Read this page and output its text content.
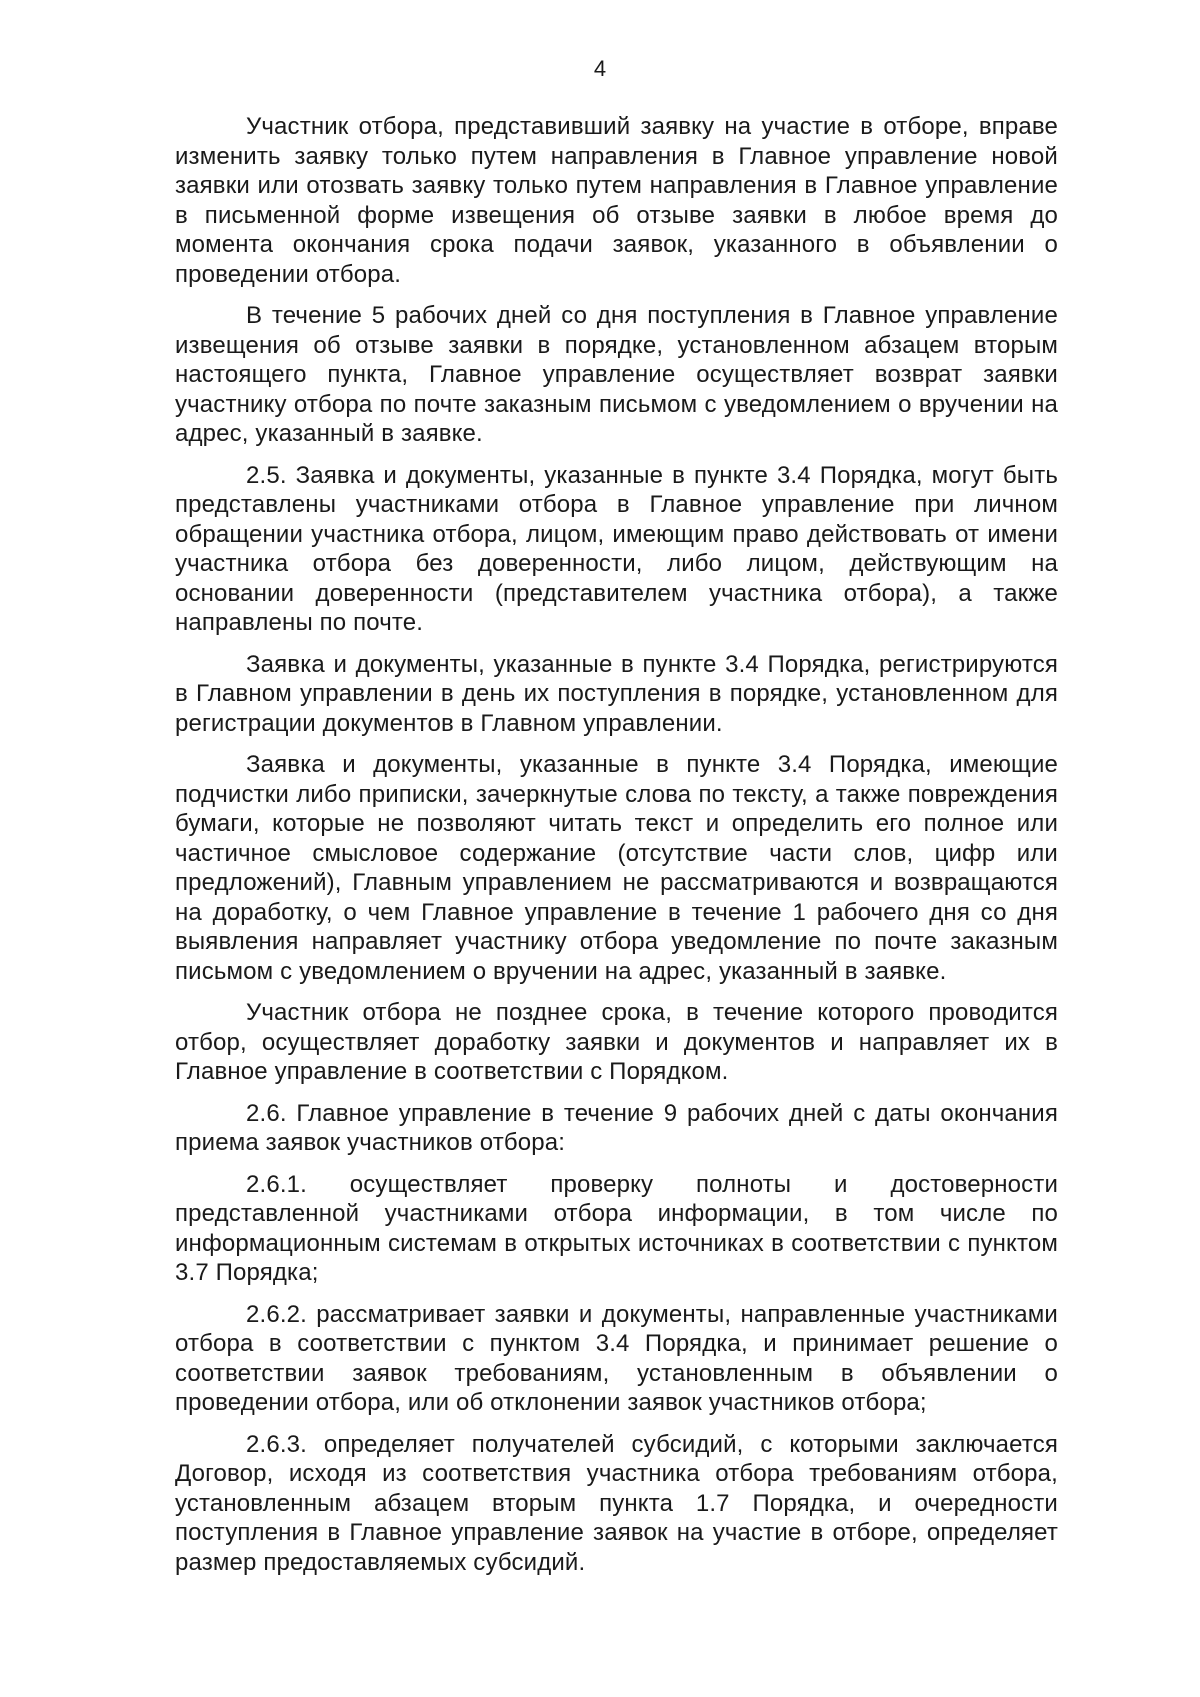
4

Участник отбора, представивший заявку на участие в отборе, вправе изменить заявку только путем направления в Главное управление новой заявки или отозвать заявку только путем направления в Главное управление в письменной форме извещения об отзыве заявки в любое время до момента окончания срока подачи заявок, указанного в объявлении о проведении отбора.

В течение 5 рабочих дней со дня поступления в Главное управление извещения об отзыве заявки в порядке, установленном абзацем вторым настоящего пункта, Главное управление осуществляет возврат заявки участнику отбора по почте заказным письмом с уведомлением о вручении на адрес, указанный в заявке.

2.5. Заявка и документы, указанные в пункте 3.4 Порядка, могут быть представлены участниками отбора в Главное управление при личном обращении участника отбора, лицом, имеющим право действовать от имени участника отбора без доверенности, либо лицом, действующим на основании доверенности (представителем участника отбора), а также направлены по почте.

Заявка и документы, указанные в пункте 3.4 Порядка, регистрируются в Главном управлении в день их поступления в порядке, установленном для регистрации документов в Главном управлении.

Заявка и документы, указанные в пункте 3.4 Порядка, имеющие подчистки либо приписки, зачеркнутые слова по тексту, а также повреждения бумаги, которые не позволяют читать текст и определить его полное или частичное смысловое содержание (отсутствие части слов, цифр или предложений), Главным управлением не рассматриваются и возвращаются на доработку, о чем Главное управление в течение 1 рабочего дня со дня выявления направляет участнику отбора уведомление по почте заказным письмом с уведомлением о вручении на адрес, указанный в заявке.

Участник отбора не позднее срока, в течение которого проводится отбор, осуществляет доработку заявки и документов и направляет их в Главное управление в соответствии с Порядком.

2.6. Главное управление в течение 9 рабочих дней с даты окончания приема заявок участников отбора:

2.6.1. осуществляет проверку полноты и достоверности представленной участниками отбора информации, в том числе по информационным системам в открытых источниках в соответствии с пунктом 3.7 Порядка;

2.6.2. рассматривает заявки и документы, направленные участниками отбора в соответствии с пунктом 3.4 Порядка, и принимает решение о соответствии заявок требованиям, установленным в объявлении о проведении отбора, или об отклонении заявок участников отбора;

2.6.3. определяет получателей субсидий, с которыми заключается Договор, исходя из соответствия участника отбора требованиям отбора, установленным абзацем вторым пункта 1.7 Порядка, и очередности поступления в Главное управление заявок на участие в отборе, определяет размер предоставляемых субсидий.
